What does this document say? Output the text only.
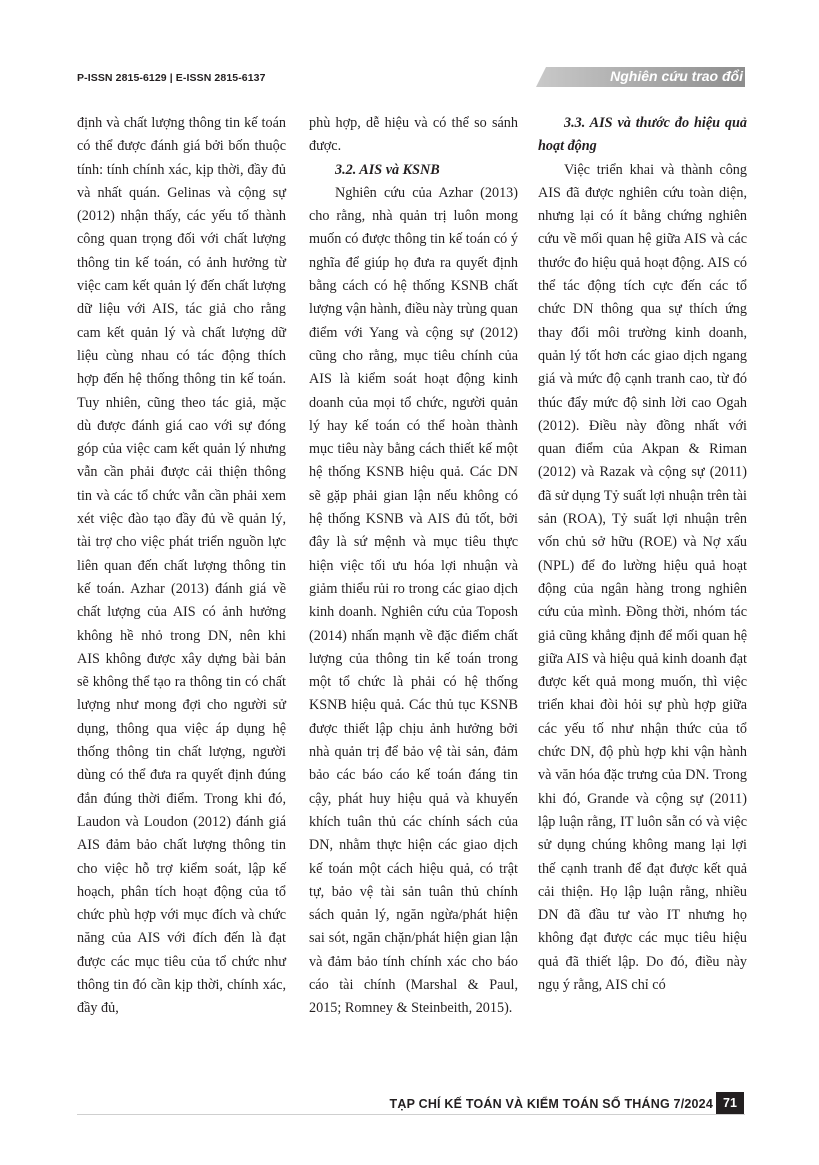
P-ISSN 2815-6129 | E-ISSN 2815-6137	Nghiên cứu trao đổi

định và chất lượng thông tin kế toán có thể được đánh giá bởi bốn thuộc tính: tính chính xác, kịp thời, đầy đủ và nhất quán. Gelinas và cộng sự (2012) nhận thấy, các yếu tố thành công quan trọng đối với chất lượng thông tin kế toán, có ảnh hưởng từ việc cam kết quản lý đến chất lượng dữ liệu với AIS, tác giả cho rằng cam kết quản lý và chất lượng dữ liệu cùng nhau có tác động thích hợp đến hệ thống thông tin kế toán. Tuy nhiên, cũng theo tác giả, mặc dù được đánh giá cao với sự đóng góp của việc cam kết quản lý nhưng vẫn cần phải được cải thiện thông tin và các tổ chức vẫn cần phải xem xét việc đào tạo đầy đủ về quản lý, tài trợ cho việc phát triển nguồn lực liên quan đến chất lượng thông tin kế toán. Azhar (2013) đánh giá về chất lượng của AIS có ảnh hưởng không hề nhỏ trong DN, nên khi AIS không được xây dựng bài bản sẽ không thể tạo ra thông tin có chất lượng như mong đợi cho người sử dụng, thông qua việc áp dụng hệ thống thông tin chất lượng, người dùng có thể đưa ra quyết định đúng đắn đúng thời điểm. Trong khi đó, Laudon và Loudon (2012) đánh giá AIS đảm bảo chất lượng thông tin cho việc hỗ trợ kiểm soát, lập kế hoạch, phân tích hoạt động của tổ chức phù hợp với mục đích và chức năng của AIS với đích đến là đạt được các mục tiêu của tổ chức như thông tin đó cần kịp thời, chính xác, đầy đủ,

phù hợp, dễ hiệu và có thể so sánh được.

3.2. AIS và KSNB

Nghiên cứu của Azhar (2013) cho rằng, nhà quản trị luôn mong muốn có được thông tin kế toán có ý nghĩa để giúp họ đưa ra quyết định bằng cách có hệ thống KSNB chất lượng vận hành, điều này trùng quan điểm với Yang và cộng sự (2012) cũng cho rằng, mục tiêu chính của AIS là kiểm soát hoạt động kinh doanh của mọi tổ chức, người quản lý hay kế toán có thể hoàn thành mục tiêu này bằng cách thiết kế một hệ thống KSNB hiệu quả. Các DN sẽ gặp phải gian lận nếu không có hệ thống KSNB và AIS đủ tốt, bởi đây là sứ mệnh và mục tiêu thực hiện việc tối ưu hóa lợi nhuận và giảm thiểu rủi ro trong các giao dịch kinh doanh. Nghiên cứu của Toposh (2014) nhấn mạnh về đặc điểm chất lượng của thông tin kế toán trong một tổ chức là phải có hệ thống KSNB hiệu quả. Các thủ tục KSNB được thiết lập chịu ảnh hưởng bởi nhà quản trị để bảo vệ tài sản, đảm bảo các báo cáo kế toán đáng tin cậy, phát huy hiệu quả và khuyến khích tuân thủ các chính sách của DN, nhằm thực hiện các giao dịch kế toán một cách hiệu quả, có trật tự, bảo vệ tài sản tuân thủ chính sách quản lý, ngăn ngừa/phát hiện sai sót, ngăn chặn/phát hiện gian lận và đảm bảo tính chính xác cho báo cáo tài chính (Marshal & Paul, 2015; Romney & Steinbeith, 2015).

3.3. AIS và thước đo hiệu quả hoạt động

Việc triển khai và thành công AIS đã được nghiên cứu toàn diện, nhưng lại có ít bằng chứng nghiên cứu về mối quan hệ giữa AIS và các thước đo hiệu quả hoạt động. AIS có thể tác động tích cực đến các tổ chức DN thông qua sự thích ứng thay đổi môi trường kinh doanh, quản lý tốt hơn các giao dịch ngang giá và mức độ cạnh tranh cao, từ đó thúc đẩy mức độ sinh lời cao Ogah (2012). Điều này đồng nhất với quan điểm của Akpan & Riman (2012) và Razak và cộng sự (2011) đã sử dụng Tỷ suất lợi nhuận trên tài sản (ROA), Tỷ suất lợi nhuận trên vốn chủ sở hữu (ROE) và Nợ xấu (NPL) để đo lường hiệu quả hoạt động của ngân hàng trong nghiên cứu của mình. Đồng thời, nhóm tác giả cũng khẳng định để mối quan hệ giữa AIS và hiệu quả kinh doanh đạt được kết quả mong muốn, thì việc triển khai đòi hỏi sự phù hợp giữa các yếu tố như nhận thức của tổ chức DN, độ phù hợp khi vận hành và văn hóa đặc trưng của DN. Trong khi đó, Grande và cộng sự (2011) lập luận rằng, IT luôn sẵn có và việc sử dụng chúng không mang lại lợi thế cạnh tranh để đạt được kết quả cải thiện. Họ lập luận rằng, nhiều DN đã đầu tư vào IT nhưng họ không đạt được các mục tiêu hiệu quả đã thiết lập. Do đó, điều này ngụ ý rằng, AIS chỉ có

TẠP CHÍ KẾ TOÁN VÀ KIỂM TOÁN SỐ THÁNG 7/2024 71
